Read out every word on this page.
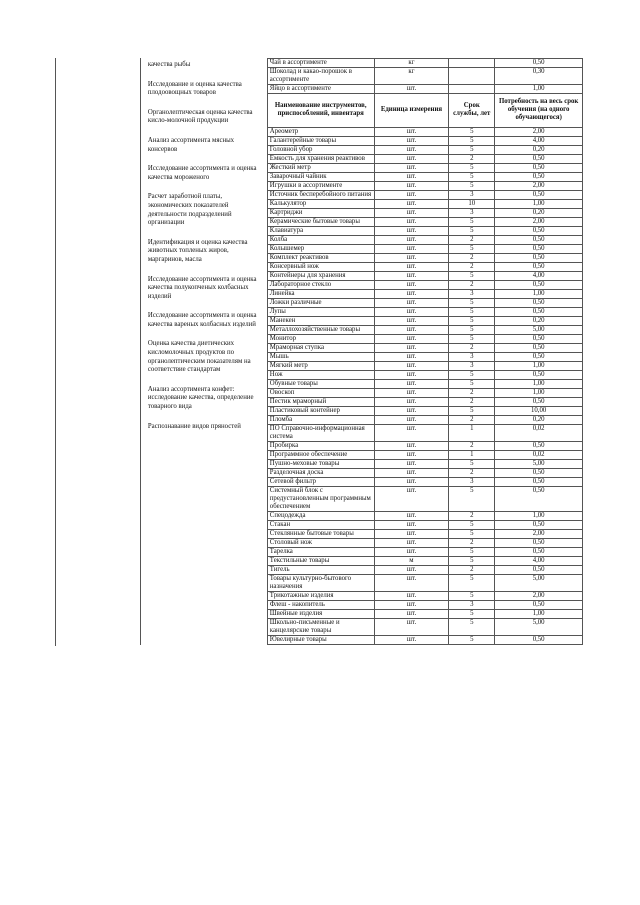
качества рыбы

Исследование и оценка качества плодоовощных товаров

Органолептическая оценка качества кисло-молочной продукции

Анализ ассортимента мясных консервов

Исследование ассортимента и оценка качества мороженого

Расчет заработной платы, экономических показателей деятельности подразделений организации

Идентификация и оценка качества животных топленых жиров, маргаринов, масла

Исследование ассортимента и оценка качества полукопченых колбасных изделий

Исследование ассортимента и оценка качества вареных колбасных изделий

Оценка качества диетических кисломолочных продуктов по органолептическим показателям на соответствие стандартам

Анализ ассортимента конфет: исследование качества, определение товарного вида

Распознавание видов пряностей

Чай в ассортименте	кг		0,50
Шоколад и какао-порошок в ассортименте	кг		0,30
Яйцо в ассортименте	шт.		1,00
Наименование инструментов, приспособлений, инвентаря	Единица измерения	Срок службы, лет	Потребность на весь срок обучения (на одного обучающегося)
Ареометр	шт.	5	2,00
Галантерейные товары	шт.	5	4,00
Головной убор	шт.	5	0,20
Емкость для хранения реактивов	шт.	2	0,50
Жесткий метр	шт.	5	0,50
Заварочный чайник	шт.	5	0,50
Игрушки в ассортименте	шт.	5	2,00
Источник бесперебойного питания	шт.	3	0,50
Калькулятор	шт.	10	1,00
Картриджи	шт.	3	0,20
Керамические бытовые товары	шт.	5	2,00
Клавиатура	шт.	5	0,50
Колба	шт.	2	0,50
Колышемер	шт.	5	0,50
Комплект реактивов	шт.	2	0,50
Консервный нож	шт.	2	0,50
Контейнеры для хранения	шт.	5	4,00
Лабораторное стекло	шт.	2	0,50
Линейка	шт.	3	1,00
Ложки различные	шт.	5	0,50
Лупы	шт.	5	0,50
Манекен	шт.	5	0,20
Металлохозяйственные товары	шт.	5	5,00
Монитор	шт.	5	0,50
Мраморная ступка	шт.	2	0,50
Мышь	шт.	3	0,50
Мягкий метр	шт.	3	1,00
Нож	шт.	5	0,50
Обувные товары	шт.	5	1,00
Овоскоп	шт.	2	1,00
Пестик мраморный	шт.	2	0,50
Пластиковый контейнер	шт.	5	10,00
Пломба	шт.	2	0,20
ПО Справочно-информационная система	шт.	1	0,02
Пробирка	шт.	2	0,50
Программное обеспечение	шт.	1	0,02
Пушно-меховые товары	шт.	5	5,00
Разделочная доска	шт.	2	0,50
Сетевой фильтр	шт.	3	0,50
Системный блок с предустановленным программным обеспечением	шт.	5	0,50
Спецодежда	шт.	2	1,00
Стакан	шт.	5	0,50
Стеклянные бытовые товары	шт.	5	2,00
Столовый нож	шт.	2	0,50
Тарелка	шт.	5	0,50
Текстильные товары	м	5	4,00
Тигель	шт.	2	0,50
Товары культурно-бытового назначения	шт.	5	5,00
Трикотажные изделия	шт.	5	2,00
Флеш - накопитель	шт.	3	0,50
Швейные изделия	шт.	5	1,00
Школьно-письменные и канцелярские товары	шт.	5	5,00
Ювелирные товары	шт.	5	0,50
